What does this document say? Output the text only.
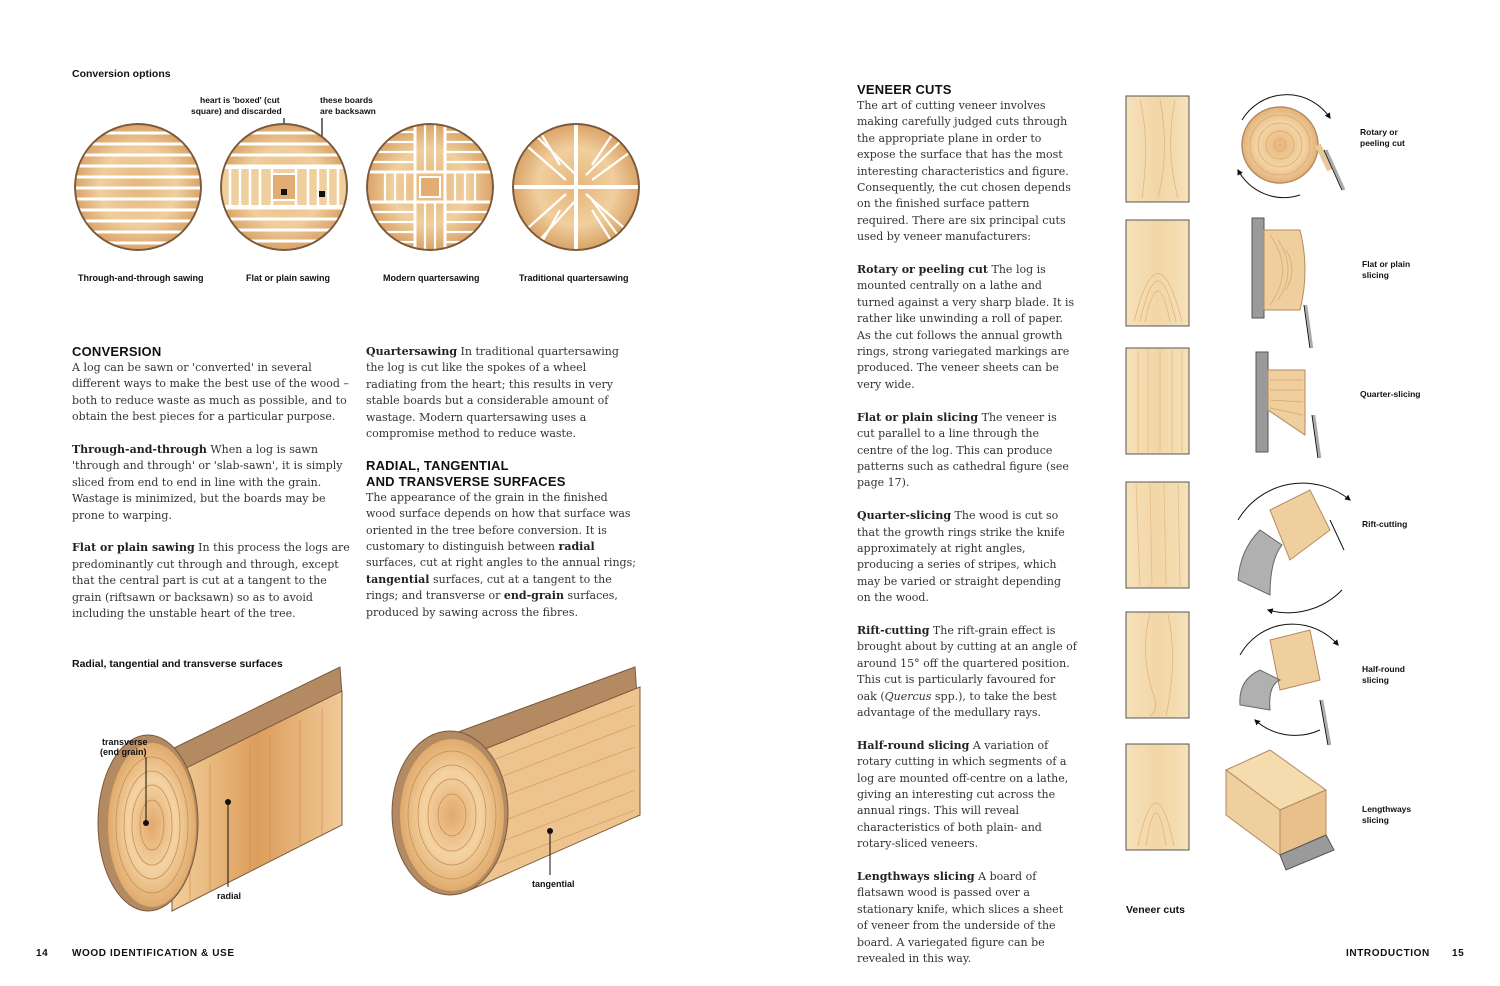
Conversion options
heart is 'boxed' (cut
square) and discarded
these boards
are backsawn
Through-and-through sawing	Flat or plain sawing	Modern quartersawing	Traditional quartersawing
CONVERSION

A log can be sawn or 'converted' in several different ways to make the best use of the wood – both to reduce waste as much as possible, and to obtain the best pieces for a particular purpose.

Through-and-through When a log is sawn 'through and through' or 'slab-sawn', it is simply sliced from end to end in line with the grain. Wastage is minimized, but the boards may be prone to warping.

Flat or plain sawing In this process the logs are predominantly cut through and through, except that the central part is cut at a tangent to the grain (riftsawn or backsawn) so as to avoid including the unstable heart of the tree.

Quartersawing In traditional quartersawing the log is cut like the spokes of a wheel radiating from the heart; this results in very stable boards but a considerable amount of wastage. Modern quartersawing uses a compromise method to reduce waste.

RADIAL, TANGENTIAL
AND TRANSVERSE SURFACES

The appearance of the grain in the finished wood surface depends on how that surface was oriented in the tree before conversion. It is customary to distinguish between radial surfaces, cut at right angles to the annual rings; tangential surfaces, cut at a tangent to the rings; and transverse or end-grain surfaces, produced by sawing across the fibres.

Radial, tangential and transverse surfaces
transverse
(end grain)
radial
tangential
14 WOOD IDENTIFICATION & USE
VENEER CUTS

The art of cutting veneer involves making carefully judged cuts through the appropriate plane in order to expose the surface that has the most interesting characteristics and figure. Consequently, the cut chosen depends on the finished surface pattern required. There are six principal cuts used by veneer manufacturers:

Rotary or peeling cut The log is mounted centrally on a lathe and turned against a very sharp blade. It is rather like unwinding a roll of paper. As the cut follows the annual growth rings, strong variegated markings are produced. The veneer sheets can be very wide.

Flat or plain slicing The veneer is cut parallel to a line through the centre of the log. This can produce patterns such as cathedral figure (see page 17).

Quarter-slicing The wood is cut so that the growth rings strike the knife approximately at right angles, producing a series of stripes, which may be varied or straight depending on the wood.

Rift-cutting The rift-grain effect is brought about by cutting at an angle of around 15° off the quartered position. This cut is particularly favoured for oak (Quercus spp.), to take the best advantage of the medullary rays.

Half-round slicing A variation of rotary cutting in which segments of a log are mounted off-centre on a lathe, giving an interesting cut across the annual rings. This will reveal characteristics of both plain- and rotary-sliced veneers.

Lengthways slicing A board of flatsawn wood is passed over a stationary knife, which slices a sheet of veneer from the underside of the board. A variegated figure can be revealed in this way.

Rotary or
peeling cut
Flat or plain
slicing
Quarter-slicing
Rift-cutting
Half-round
slicing
Lengthways
slicing
Veneer cuts
INTRODUCTION 15
